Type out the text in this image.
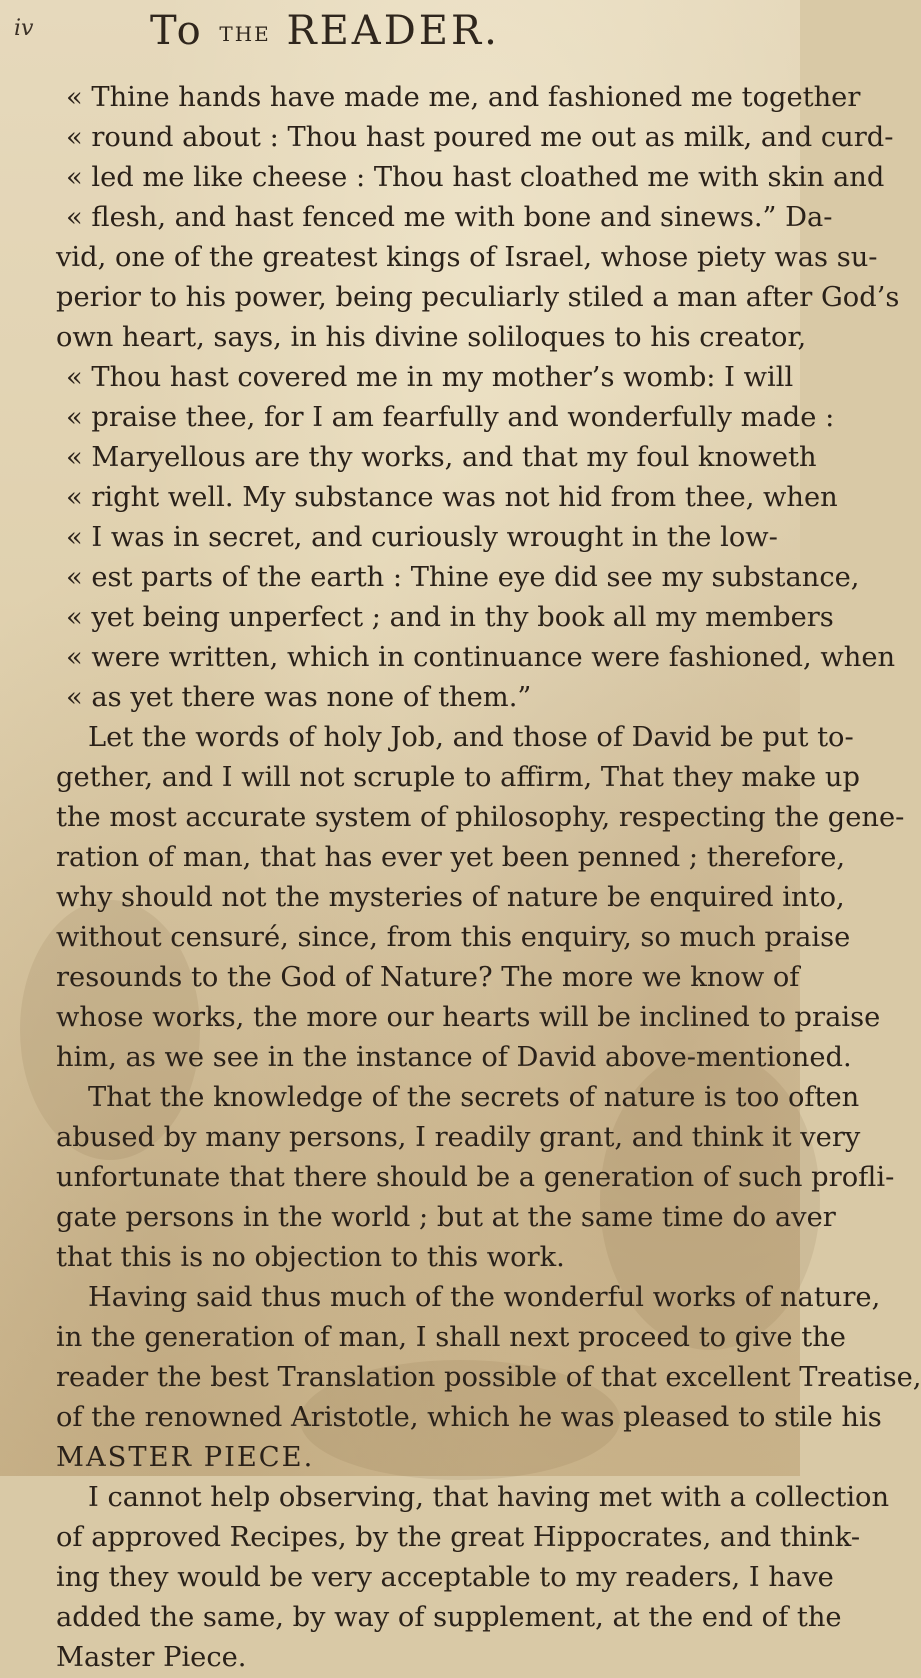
iv	To THE READER.
« Thine hands have made me, and fashioned me together
« round about : Thou hast poured me out as milk, and curd-
« led me like cheese : Thou hast cloathed me with skin and
« flesh, and hast fenced me with bone and sinews.” Da-
vid, one of the greatest kings of Israel, whose piety was su-
perior to his power, being peculiarly stiled a man after God’s
own heart, says, in his divine soliloques to his creator,
« Thou hast covered me in my mother’s womb: I will
« praise thee, for I am fearfully and wonderfully made :
« Maryellous are thy works, and that my foul knoweth
« right well. My substance was not hid from thee, when
« I was in secret, and curiously wrought in the low-
« est parts of the earth : Thine eye did see my substance,
« yet being unperfect ; and in thy book all my members
« were written, which in continuance were fashioned, when
« as yet there was none of them.”
Let the words of holy Job, and those of David be put to-
gether, and I will not scruple to affirm, That they make up
the most accurate system of philosophy, respecting the gene-
ration of man, that has ever yet been penned ; therefore,
why should not the mysteries of nature be enquired into,
without censuré, since, from this enquiry, so much praise
resounds to the God of Nature? The more we know of
whose works, the more our hearts will be inclined to praise
him, as we see in the instance of David above-mentioned.
That the knowledge of the secrets of nature is too often
abused by many persons, I readily grant, and think it very
unfortunate that there should be a generation of such profli-
gate persons in the world ; but at the same time do aver
that this is no objection to this work.
Having said thus much of the wonderful works of nature,
in the generation of man, I shall next proceed to give the
reader the best Translation possible of that excellent Treatise,
of the renowned Aristotle, which he was pleased to stile his
MASTER PIECE.
I cannot help observing, that having met with a collection
of approved Recipes, by the great Hippocrates, and think-
ing they would be very acceptable to my readers, I have
added the same, by way of supplement, at the end of the
Master Piece.
